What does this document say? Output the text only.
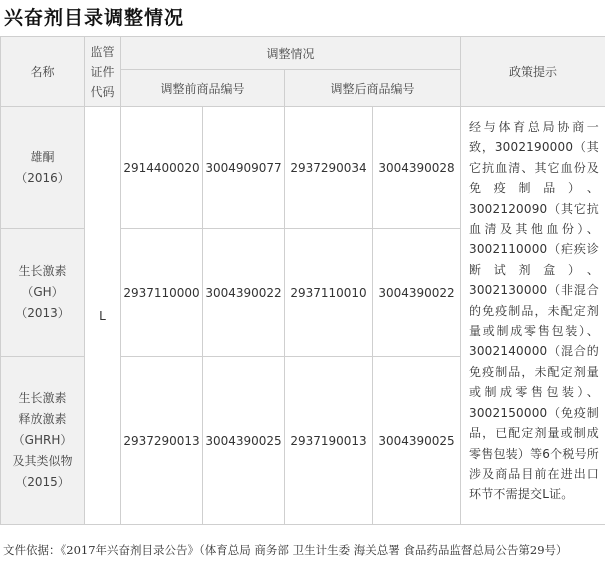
兴奋剂目录调整情况
名称	监管
证件
代码	调整情况				政策提示
		调整前商品编号		调整后商品编号		

雄酮
（2016）	L	2914400020	3004909077	2937290034	3004390028	经与体育总局协商一致，3002190000（其它抗血清、其它血份及免疫制品）、3002120090（其它抗血清及其他血份）、3002110000（疟疾诊断试剂盒）、3002130000（非混合的免疫制品，未配定剂量或制成零售包装）、3002140000（混合的免疫制品，未配定剂量或制成零售包装）、3002150000（免疫制品，已配定剂量或制成零售包装）等6个税号所涉及商品目前在进出口环节不需提交L证。

生长激素
（GH）
（2013）		2937110000	3004390022	2937110010	3004390022	

生长激素
释放激素
（GHRH）
及其类似物
（2015）		2937290013	3004390025	2937190013	3004390025	
文件依据：《2017年兴奋剂目录公告》（体育总局 商务部 卫生计生委 海关总署 食品药品监督总局公告第29号）
